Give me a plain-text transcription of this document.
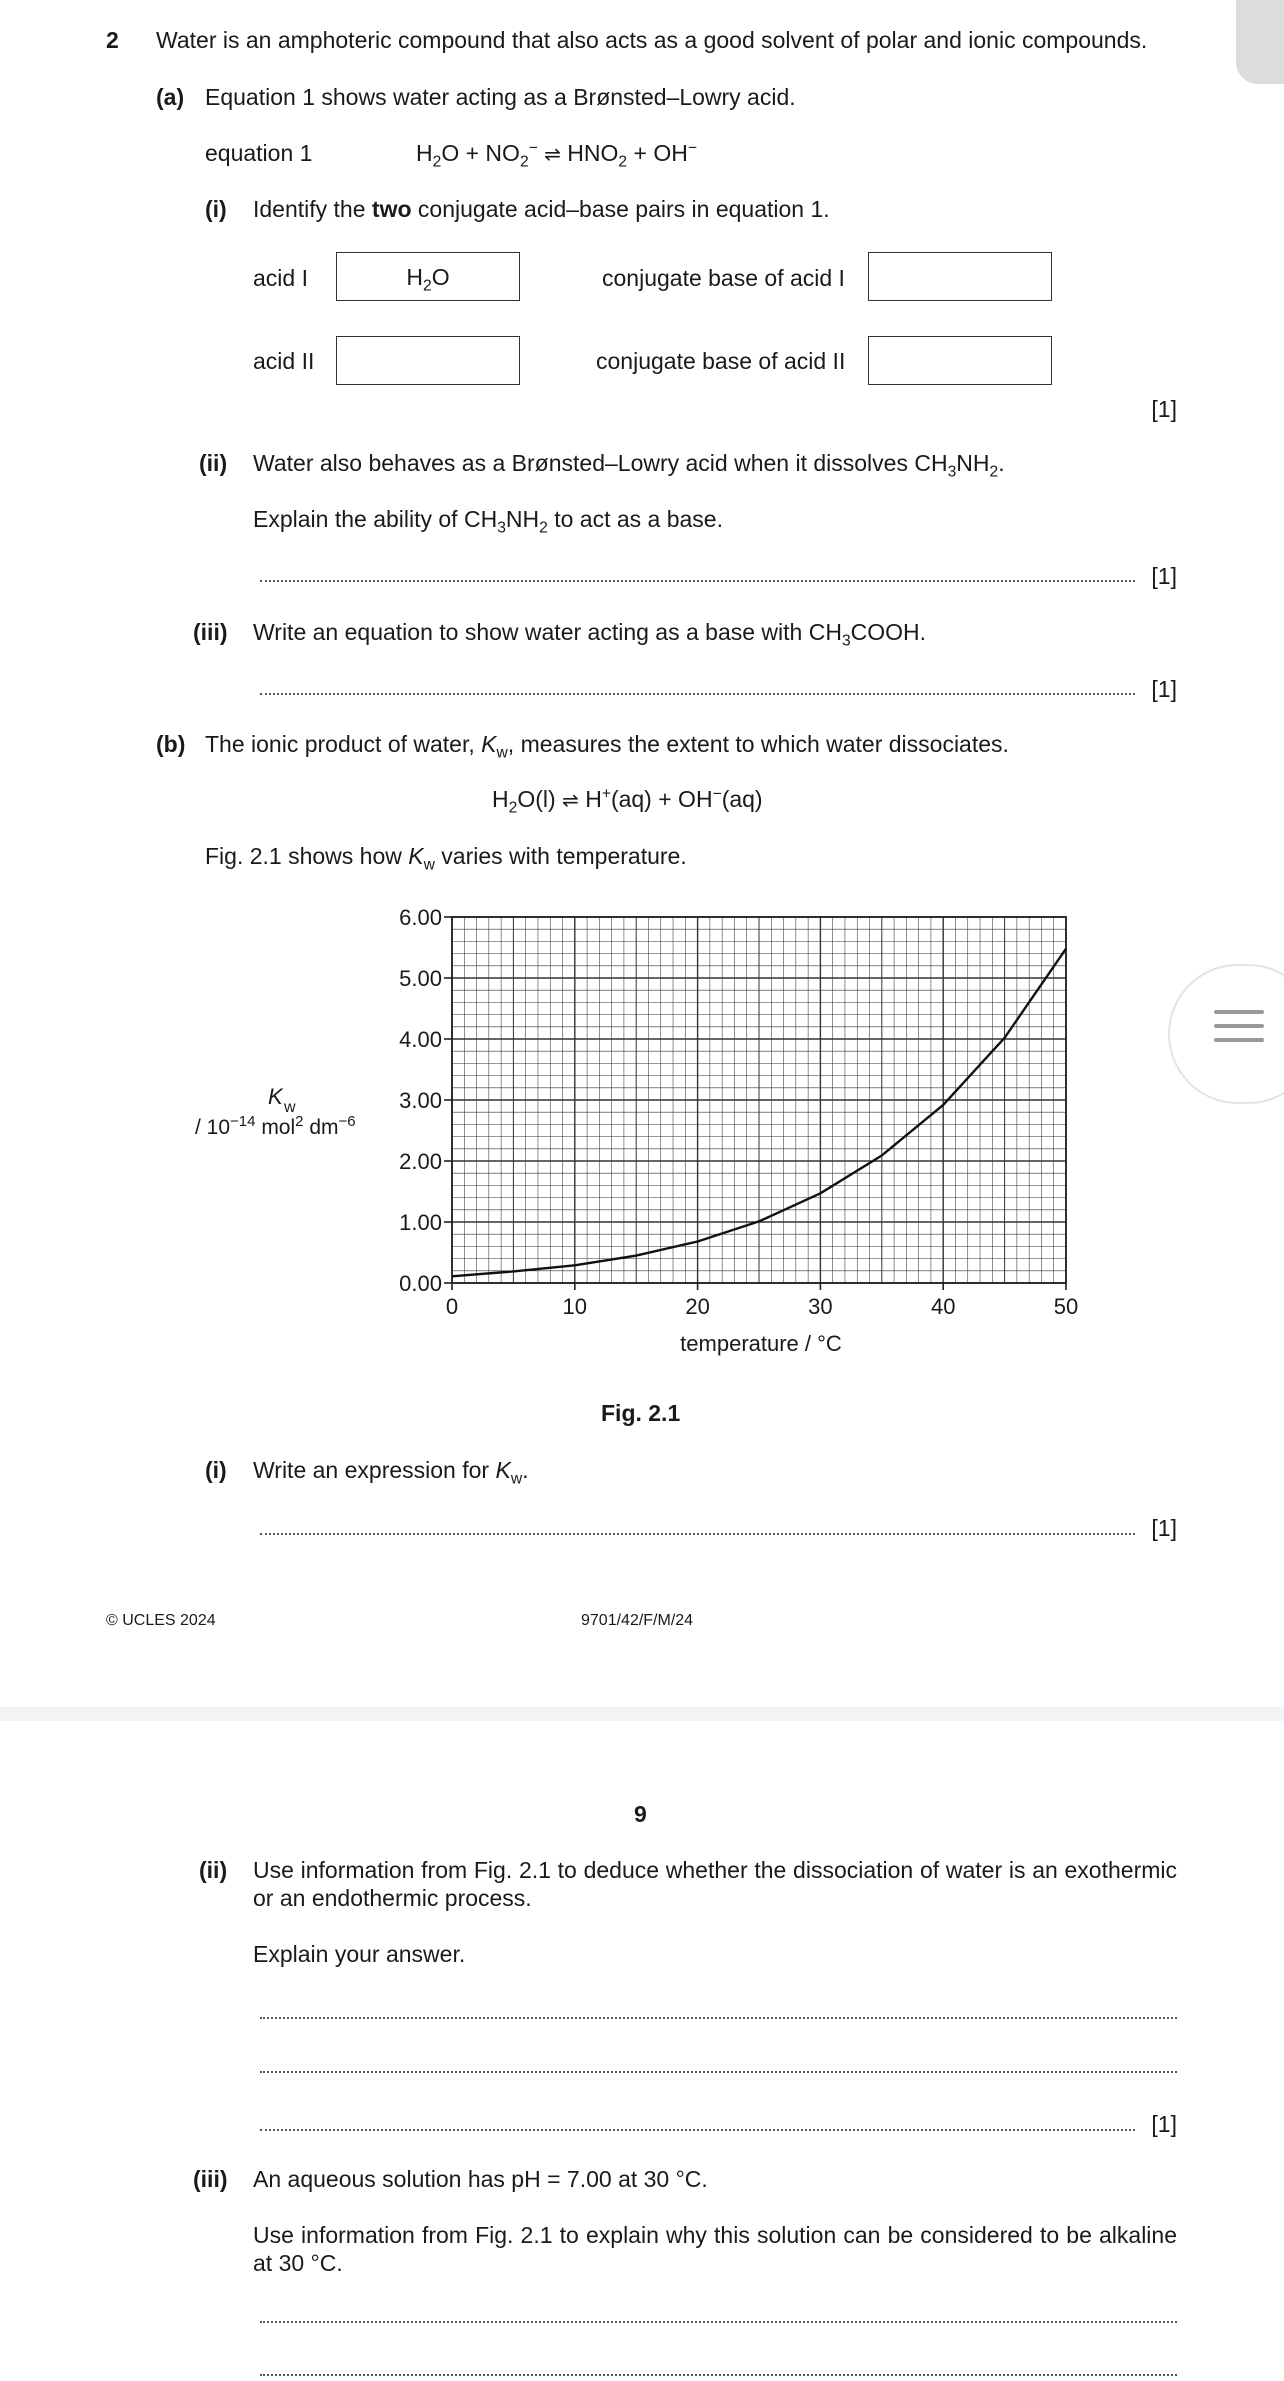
2 Water is an amphoteric compound that also acts as a good solvent of polar and ionic compounds.
(a) Equation 1 shows water acting as a Brønsted–Lowry acid.
equation 1	$H_2O + NO_2^-$ ⇌ $HNO_2 + OH^-$
(i) Identify the two conjugate acid–base pairs in equation 1.
acid I	$H_2O$	conjugate base of acid I
acid II	conjugate base of acid II
[1]
(ii) Water also behaves as a Brønsted–Lowry acid when it dissolves $CH_3NH_2$.
Explain the ability of $CH_3NH_2$ to act as a base.
[1]
(iii) Write an equation to show water acting as a base with $CH_3COOH$.
[1]
(b) The ionic product of water, $K_w$, measures the extent to which water dissociates.
$H_2O(l)$ ⇌ H+(aq) + OH−(aq)
Fig. 2.1 shows how $K_w$ varies with temperature.
0.00
1.00
2.00
3.00
4.00
5.00
6.00
0	10	20	30	40	50
temperature / °C
K w
/ $10^{-14}$ mol$^2$ $dm^{-6}$
Fig. 2.1
(i) Write an expression for $K_w$.
[1]
© UCLES 2024	9701/42/F/M/24
9
(ii) Use information from Fig. 2.1 to deduce whether the dissociation of water is an exothermic or an endothermic process.
Explain your answer.
[1]
(iii) An aqueous solution has pH = 7.00 at 30 °C.
Use information from Fig. 2.1 to explain why this solution can be considered to be alkaline at 30 °C.
